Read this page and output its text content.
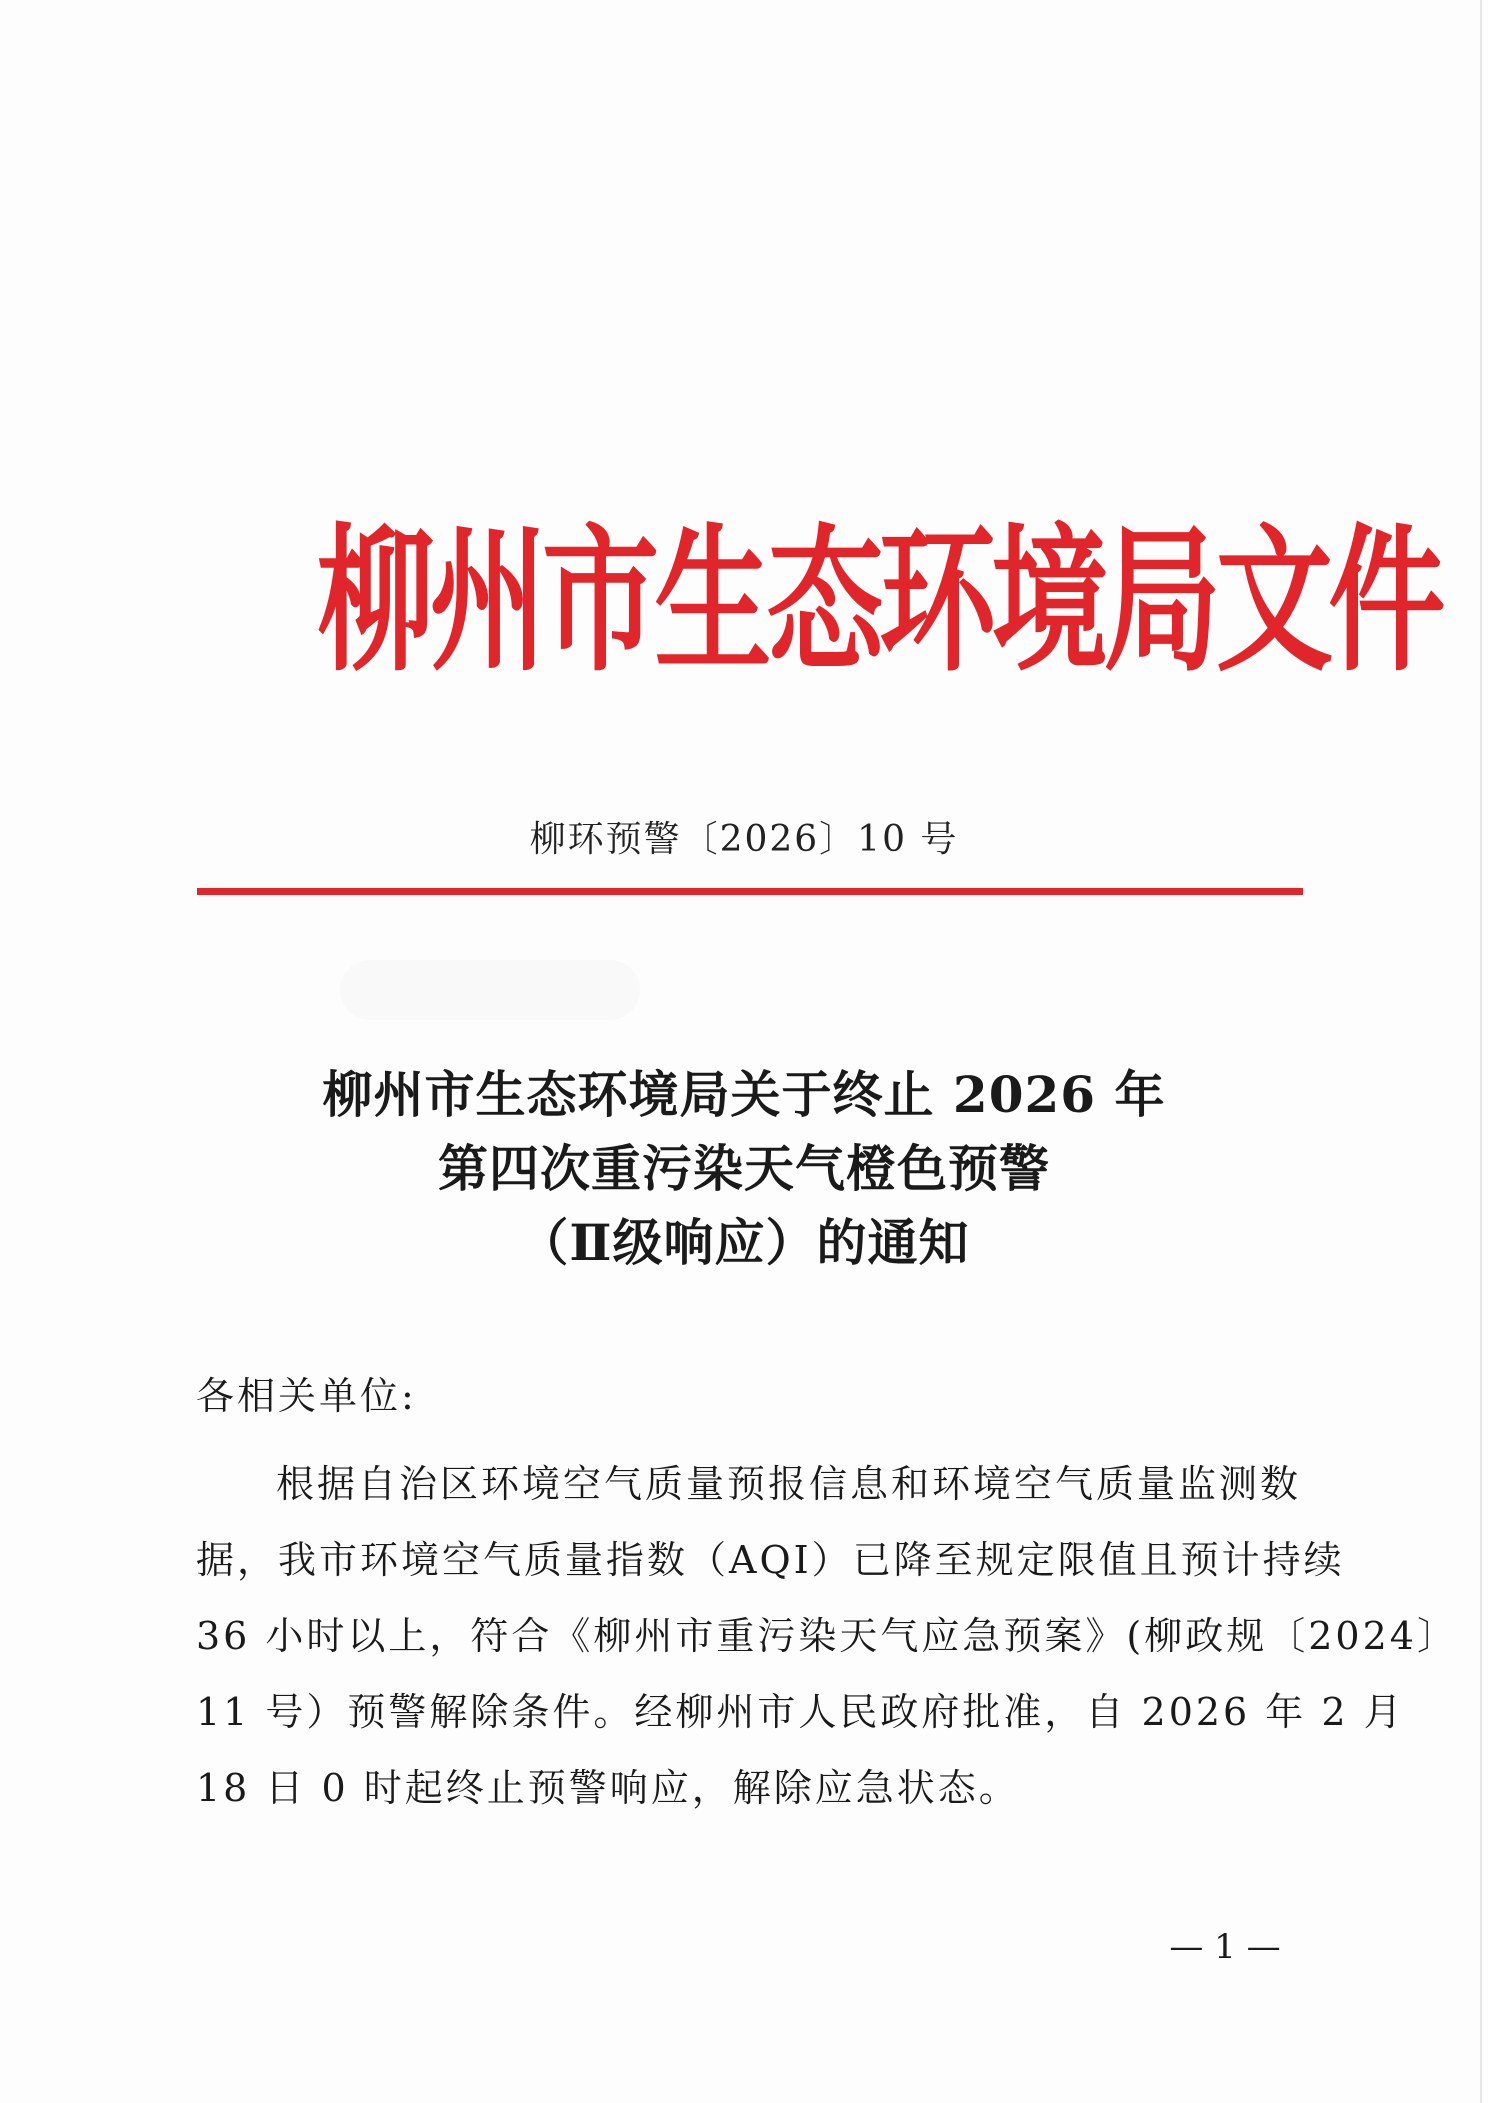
柳州市生态环境局文件
柳环预警〔2026〕10 号
柳州市生态环境局关于终止 2026 年
第四次重污染天气橙色预警
（Ⅱ级响应）的通知
各相关单位:
根据自治区环境空气质量预报信息和环境空气质量监测数
据，我市环境空气质量指数（AQI）已降至规定限值且预计持续
36 小时以上，符合《柳州市重污染天气应急预案》(柳政规〔2024〕
11 号）预警解除条件。经柳州市人民政府批准，自 2026 年 2 月
18 日 0 时起终止预警响应，解除应急状态。
— 1 —
